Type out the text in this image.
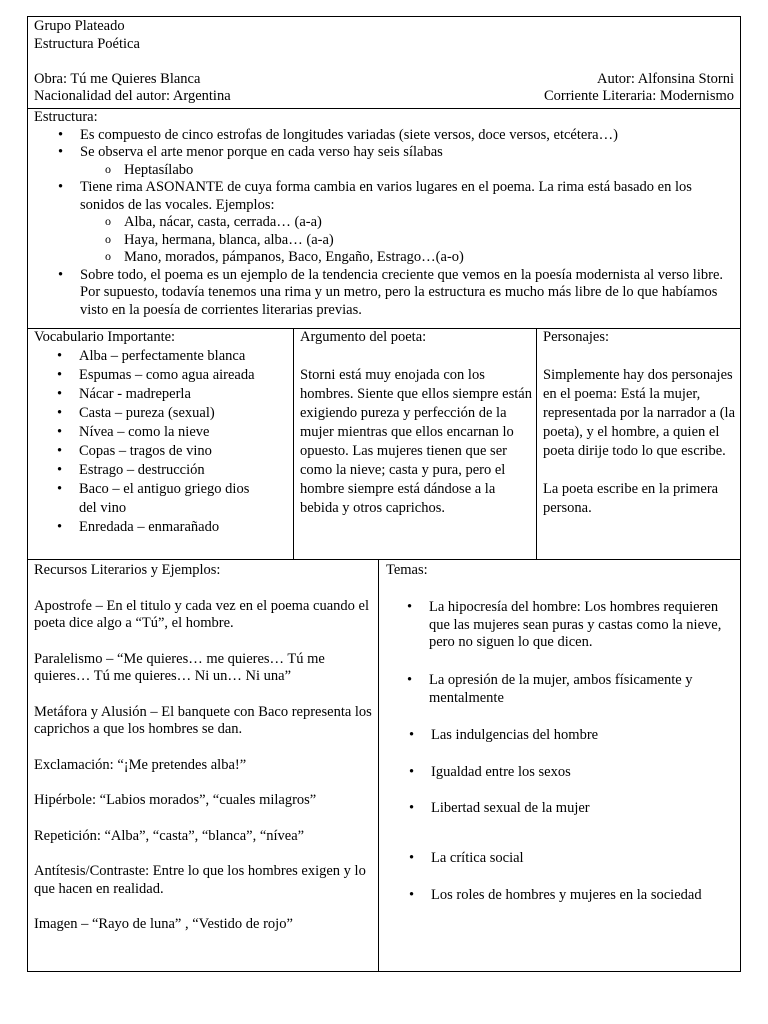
Grupo Plateado
Estructura Poética
Obra: Tú me Quieres Blanca	Autor: Alfonsina Storni
Nacionalidad del autor: Argentina	Corriente Literaria: Modernismo
Estructura:
• Es compuesto de cinco estrofas de longitudes variadas (siete versos, doce versos, etcétera…)
• Se observa el arte menor porque en cada verso hay seis sílabas
o Heptasílabo
• Tiene rima ASONANTE de cuya forma cambia en varios lugares en el poema. La rima está basado en los sonidos de las vocales. Ejemplos:
o Alba, nácar, casta, cerrada… (a-a)
o Haya, hermana, blanca, alba… (a-a)
o Mano, morados, pámpanos, Baco, Engaño, Estrago…(a-o)
• Sobre todo, el poema es un ejemplo de la tendencia creciente que vemos en la poesía modernista al verso libre. Por supuesto, todavía tenemos una rima y un metro, pero la estructura es mucho más libre de lo que habíamos visto en la poesía de corrientes literarias previas.
Vocabulario Importante:
• Alba – perfectamente blanca
• Espumas – como agua aireada
• Nácar - madreperla
• Casta – pureza (sexual)
• Nívea – como la nieve
• Copas – tragos de vino
• Estrago – destrucción
• Baco – el antiguo griego dios del vino
• Enredada – enmarañado
Argumento del poeta:

Storni está muy enojada con los hombres. Siente que ellos siempre están exigiendo pureza y perfección de la mujer mientras que ellos encarnan lo opuesto. Las mujeres tienen que ser como la nieve; casta y pura, pero el hombre siempre está dándose a la bebida y otros caprichos.

Personajes:

Simplemente hay dos personajes en el poema: Está la mujer, representada por la narrador a (la poeta), y el hombre, a quien el poeta dirije todo lo que escribe.

La poeta escribe en la primera persona.

Recursos Literarios y Ejemplos:

Apostrofe – En el titulo y cada vez en el poema cuando el poeta dice algo a “Tú”, el hombre.

Paralelismo – “Me quieres… me quieres… Tú me quieres… Tú me quieres… Ni un… Ni una”

Metáfora y Alusión – El banquete con Baco representa los caprichos a que los hombres se dan.

Exclamación: “¡Me pretendes alba!”

Hipérbole: “Labios morados”, “cuales milagros”

Repetición: “Alba”, “casta”, “blanca”, “nívea”

Antítesis/Contraste: Entre lo que los hombres exigen y lo que hacen en realidad.

Imagen – “Rayo de luna” , “Vestido de rojo”

Temas:
• La hipocresía del hombre: Los hombres requieren que las mujeres sean puras y castas como la nieve, pero no siguen lo que dicen.
• La opresión de la mujer, ambos físicamente y mentalmente
• Las indulgencias del hombre
• Igualdad entre los sexos
• Libertad sexual de la mujer
• La crítica social
• Los roles de hombres y mujeres en la sociedad
